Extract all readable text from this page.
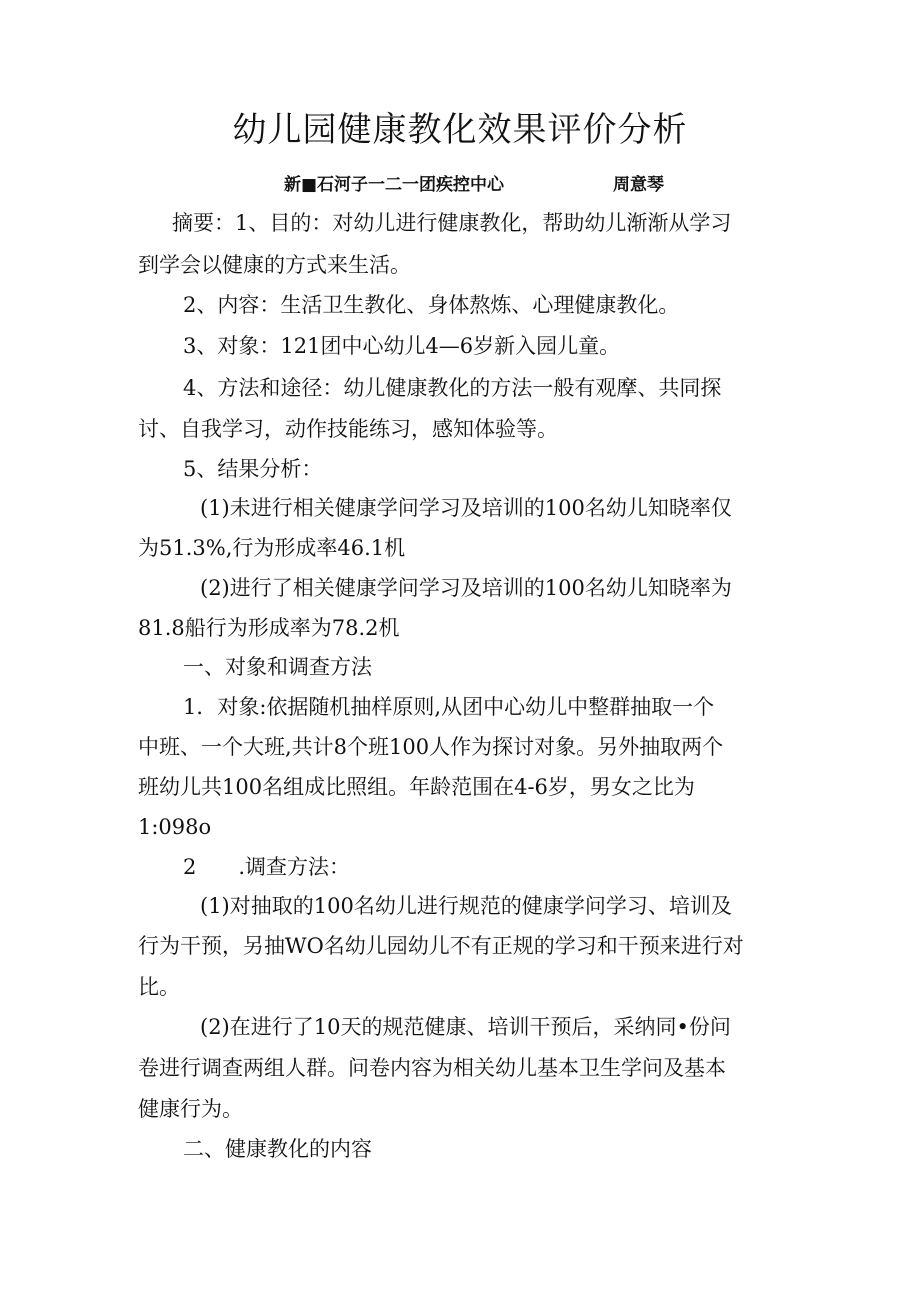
幼儿园健康教化效果评价分析
新■石河子一二一团疾控中心	周意琴

摘要：1、目的：对幼儿进行健康教化，帮助幼儿渐渐从学习

到学会以健康的方式来生活。

2、内容：生活卫生教化、身体熬炼、心理健康教化。

3、对象：121团中心幼儿4—6岁新入园儿童。

4、方法和途径：幼儿健康教化的方法一般有观摩、共同探

讨、自我学习，动作技能练习，感知体验等。

5、结果分析：

(1)未进行相关健康学问学习及培训的100名幼儿知晓率仅

为51.3%,行为形成率46.1机

(2)进行了相关健康学问学习及培训的100名幼儿知晓率为

81.8船行为形成率为78.2机

一、对象和调查方法

1．对象:依据随机抽样原则,从团中心幼儿中整群抽取一个

中班、一个大班,共计8个班100人作为探讨对象。另外抽取两个

班幼儿共100名组成比照组。年龄范围在4-6岁，男女之比为

1:098o

2　　.调查方法：

(1)对抽取的100名幼儿进行规范的健康学问学习、培训及

行为干预，另抽WO名幼儿园幼儿不有正规的学习和干预来进行对

比。

(2)在进行了10天的规范健康、培训干预后，采纳同•份问

卷进行调查两组人群。问卷内容为相关幼儿基本卫生学问及基本

健康行为。

二、健康教化的内容
